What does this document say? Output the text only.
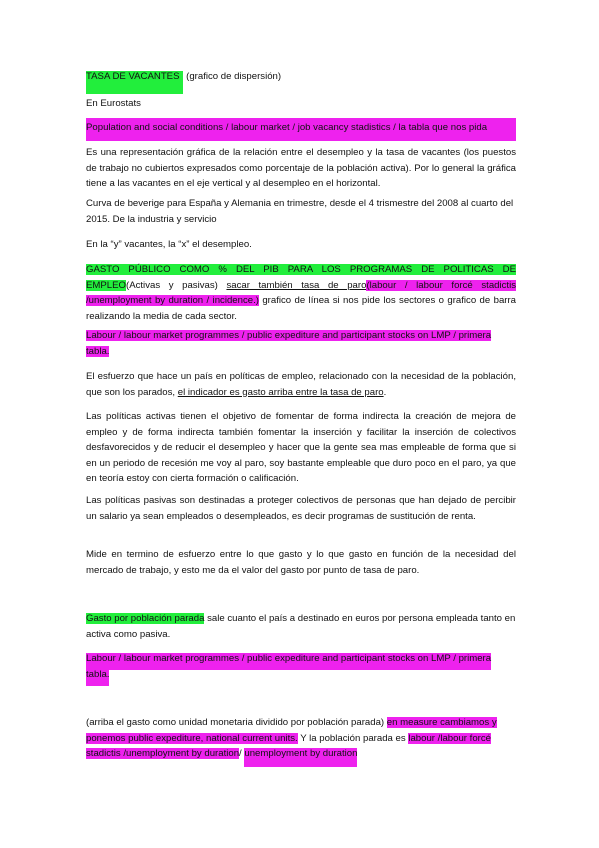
TASA DE VACANTES (grafico de dispersión)

En Eurostats

Population and social conditions / labour market / job vacancy stadistics / la tabla que nos pida

Es una representación gráfica de la relación entre el desempleo y la tasa de vacantes (los puestos de trabajo no cubiertos expresados como porcentaje de la población activa). Por lo general la gráfica tiene a las vacantes en el eje vertical y al desempleo en el horizontal.

Curva de beverige para España y Alemania en trimestre, desde el 4 trismestre del 2008 al cuarto del 2015. De la industria y servicio

En la “y” vacantes, la “x” el desempleo.

GASTO PÚBLICO COMO % DEL PIB PARA LOS PROGRAMAS DE POLITICAS DE EMPLEO(Activas y pasivas) sacar también tasa de paro(labour / labour forcé stadictis /unemployment by duration / incidence.) grafico de línea si nos pide los sectores o grafico de barra realizando la media de cada sector.

Labour / labour market programmes / public expediture and participant stocks on LMP / primera tabla.

El esfuerzo que hace un país en políticas de empleo, relacionado con la necesidad de la población, que son los parados, el indicador es gasto arriba entre la tasa de paro.

Las políticas activas tienen el objetivo de fomentar de forma indirecta la creación de mejora de empleo y de forma indirecta también fomentar la inserción y facilitar la inserción de colectivos desfavorecidos y de reducir el desempleo y hacer que la gente sea mas empleable de forma que si en un periodo de recesión me voy al paro, soy bastante empleable que duro poco en el paro, ya que en teoría estoy con cierta formación o calificación.

Las políticas pasivas son destinadas a proteger colectivos de personas que han dejado de percibir un salario ya sean empleados o desempleados, es decir programas de sustitución de renta.

Mide en termino de esfuerzo entre lo que gasto y lo que gasto en función de la necesidad del mercado de trabajo, y esto me da el valor del gasto por punto de tasa de paro.

Gasto por población parada sale cuanto el país a destinado en euros por persona empleada tanto en activa como pasiva.

Labour / labour market programmes / public expediture and participant stocks on LMP / primera tabla.

(arriba el gasto como unidad monetaria dividido por población parada) en measure cambiamos y ponemos public expediture, national current units. Y la población parada es labour /labour forcé stadictis /unemployment by duration/ unemployment by duration
